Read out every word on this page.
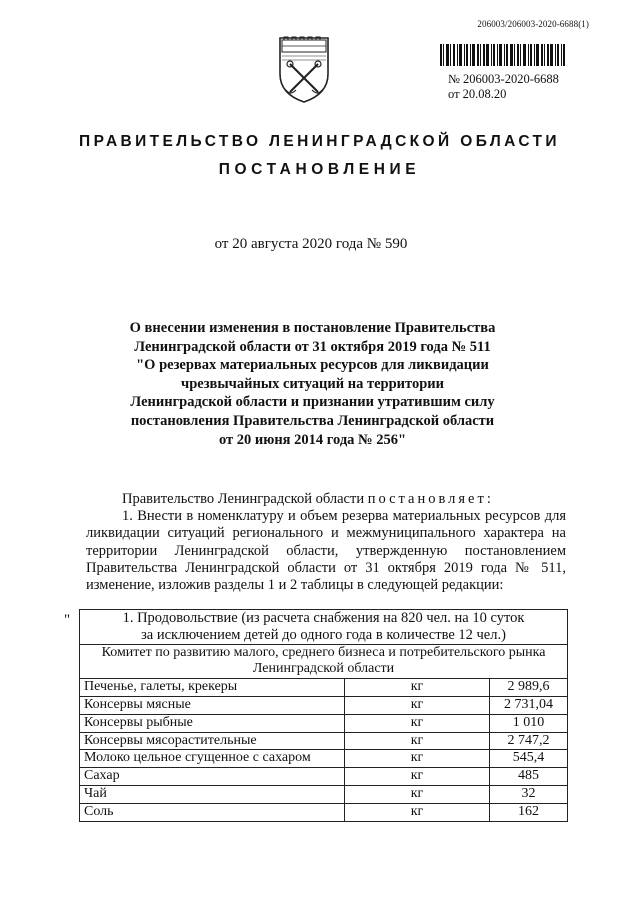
206003/206003-2020-6688(1)
№ 206003-2020-6688
от 20.08.20
ПРАВИТЕЛЬСТВО ЛЕНИНГРАДСКОЙ ОБЛАСТИ
ПОСТАНОВЛЕНИЕ
от 20 августа 2020 года № 590
О внесении изменения в постановление Правительства
Ленинградской области от 31 октября 2019 года № 511
"О резервах материальных ресурсов для ликвидации
чрезвычайных ситуаций на территории
Ленинградской области и признании утратившим силу
постановления Правительства Ленинградской области
от 20 июня 2014 года № 256"

Правительство Ленинградской области постановляет:

1. Внести в номенклатуру и объем резерва материальных ресурсов для ликвидации ситуаций регионального и межмуниципального характера на территории Ленинградской области, утвержденную постановлением Правительства Ленинградской области от 31 октября 2019 года № 511, изменение, изложив разделы 1 и 2 таблицы в следующей редакции:

"	1. Продовольствие (из расчета снабжения на 820 чел. на 10 суток
за исключением детей до одного года в количестве 12 чел.)		

Комитет по развитию малого, среднего бизнеса и потребительского рынка
Ленинградской области		

Печенье, галеты, крекеры	кг	2 989,6
Консервы мясные	кг	2 731,04
Консервы рыбные	кг	1 010
Консервы мясорастительные	кг	2 747,2
Молоко цельное сгущенное с сахаром	кг	545,4
Сахар	кг	485
Чай	кг	32
Соль	кг	162
